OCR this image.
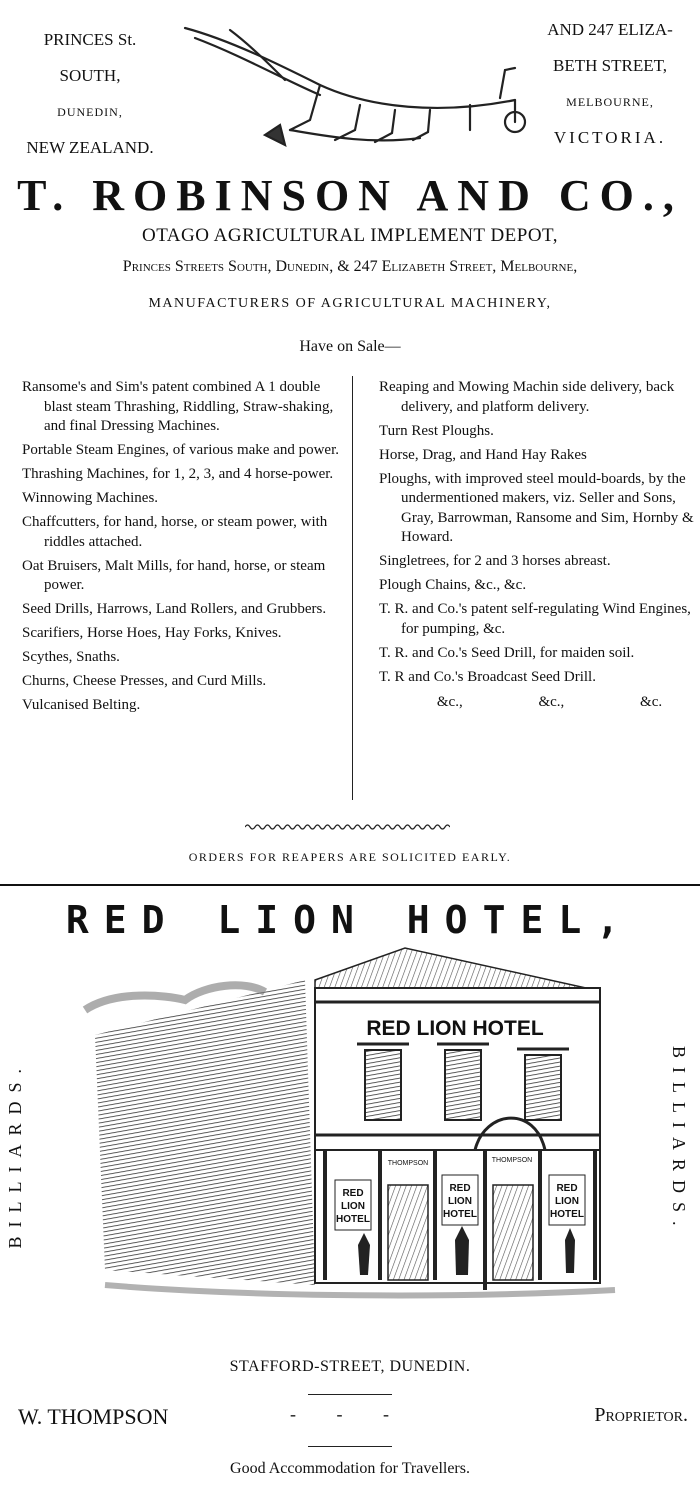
PRINCES St.
SOUTH,
DUNEDIN,
NEW ZEALAND.
AND 247 ELIZA-
BETH STREET,
MELBOURNE,
VICTORIA.
T. ROBINSON AND CO.,
OTAGO AGRICULTURAL IMPLEMENT DEPOT,
Princes Streets South, Dunedin, & 247 Elizabeth Street, Melbourne,
MANUFACTURERS OF AGRICULTURAL MACHINERY,
Have on Sale—

Ransome's and Sim's patent combined A 1 double blast steam Thrashing, Riddling, Straw-shaking, and final Dressing Machines.

Portable Steam Engines, of various make and power.

Thrashing Machines, for 1, 2, 3, and 4 horse-power.

Winnowing Machines.

Chaffcutters, for hand, horse, or steam power, with riddles attached.

Oat Bruisers, Malt Mills, for hand, horse, or steam power.

Seed Drills, Harrows, Land Rollers, and Grubbers.

Scarifiers, Horse Hoes, Hay Forks, Knives.

Scythes, Snaths.

Churns, Cheese Presses, and Curd Mills.

Vulcanised Belting.

Reaping and Mowing Machin side delivery, back delivery, and platform delivery.

Turn Rest Ploughs.

Horse, Drag, and Hand Hay Rakes

Ploughs, with improved steel mould-boards, by the undermentioned makers, viz. Seller and Sons, Gray, Barrowman, Ransome and Sim, Hornby & Howard.

Singletrees, for 2 and 3 horses abreast.

Plough Chains, &c., &c.

T. R. and Co.'s patent self-regulating Wind Engines, for pumping, &c.

T. R. and Co.'s Seed Drill, for maiden soil.

T. R and Co.'s Broadcast Seed Drill.

&c.,	&c.,	&c.
ORDERS FOR REAPERS ARE SOLICITED EARLY.
RED LION HOTEL,
BILLIARDS.	BILLIARDS.
RED LION HOTEL
RED
LION
HOTEL
RED
LION
HOTEL
RED
LION
HOTEL
THOMPSON	THOMPSON
STAFFORD-STREET, DUNEDIN.
W. THOMPSON	-         -         -	Proprietor.
Good Accommodation for Travellers.
